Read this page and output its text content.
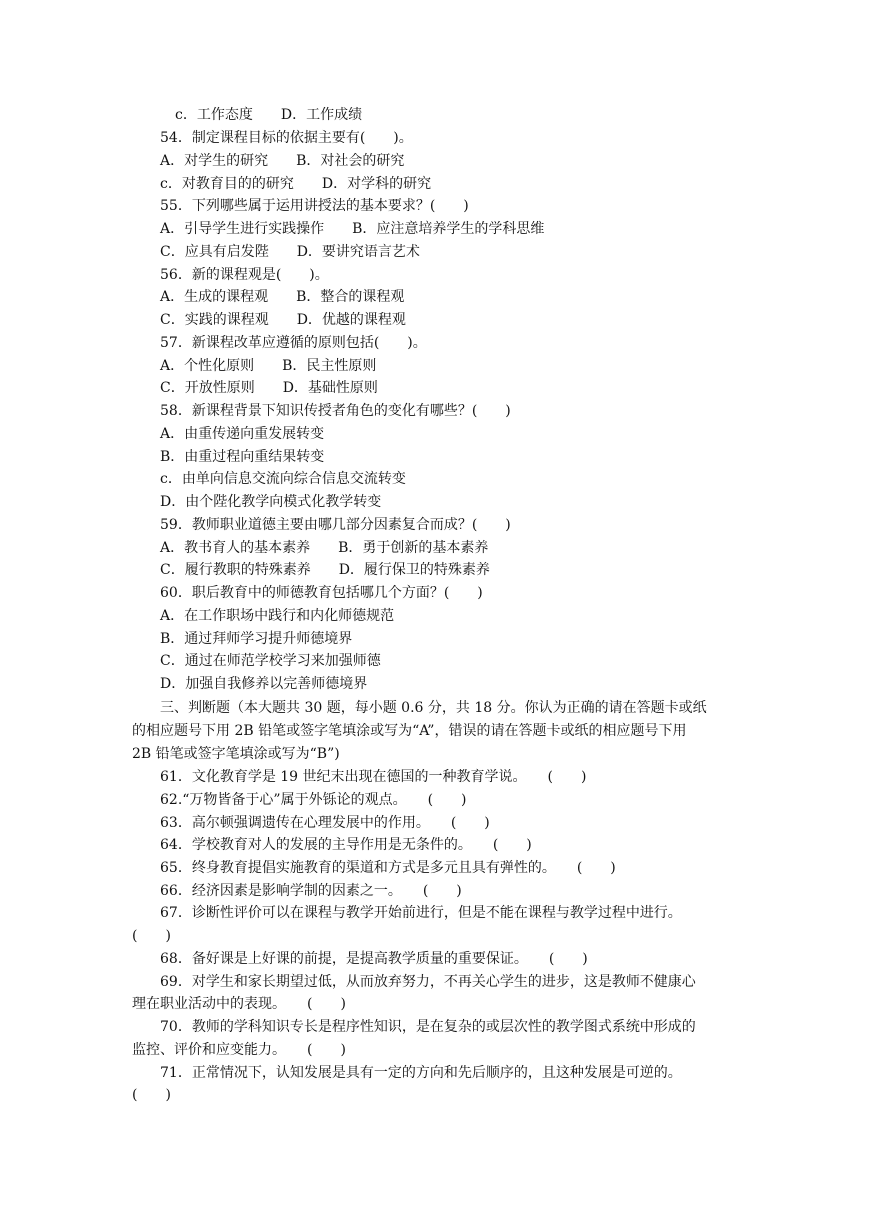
c．工作态度　　D．工作成绩
54．制定课程目标的依据主要有(　　)。
A．对学生的研究　　B．对社会的研究
c．对教育目的的研究　　D．对学科的研究
55．下列哪些属于运用讲授法的基本要求？(　　)
A．引导学生进行实践操作　　B．应注意培养学生的学科思维
C．应具有启发陛　　D．要讲究语言艺术
56．新的课程观是(　　)。
A．生成的课程观　　B．整合的课程观
C．实践的课程观　　D．优越的课程观
57．新课程改革应遵循的原则包括(　　)。
A．个性化原则　　B．民主性原则
C．开放性原则　　D．基础性原则
58．新课程背景下知识传授者角色的变化有哪些？(　　)
A．由重传递向重发展转变
B．由重过程向重结果转变
c．由单向信息交流向综合信息交流转变
D．由个陛化教学向模式化教学转变
59．教师职业道德主要由哪几部分因素复合而成？(　　)
A．教书育人的基本素养　　B．勇于创新的基本素养
C．履行教职的特殊素养　　D．履行保卫的特殊素养
60．职后教育中的师德教育包括哪几个方面？(　　)
A．在工作职场中践行和内化师德规范
B．通过拜师学习提升师德境界
C．通过在师范学校学习来加强师德
D．加强自我修养以完善师德境界
三、判断题（本大题共 30 题，每小题 0.6 分，共 18 分。你认为正确的请在答题卡或纸
的相应题号下用 2B 铅笔或签字笔填涂或写为“A”，错误的请在答题卡或纸的相应题号下用
2B 铅笔或签字笔填涂或写为“B”)
61．文化教育学是 19 世纪末出现在德国的一种教育学说。　　(　　)
62.“万物皆备于心”属于外铄论的观点。　　(　　)
63．高尔顿强调遗传在心理发展中的作用。　　(　　)
64．学校教育对人的发展的主导作用是无条件的。　　(　　)
65．终身教育提倡实施教育的渠道和方式是多元且具有弹性的。　　(　　)
66．经济因素是影响学制的因素之一。　　(　　)
67．诊断性评价可以在课程与教学开始前进行，但是不能在课程与教学过程中进行。
(　　)
68．备好课是上好课的前提，是提高教学质量的重要保证。　　(　　)
69．对学生和家长期望过低，从而放弃努力，不再关心学生的进步，这是教师不健康心
理在职业活动中的表现。　　(　　)
70．教师的学科知识专长是程序性知识，是在复杂的或层次性的教学图式系统中形成的
监控、评价和应变能力。　　(　　)
71．正常情况下，认知发展是具有一定的方向和先后顺序的，且这种发展是可逆的。
(　　)
